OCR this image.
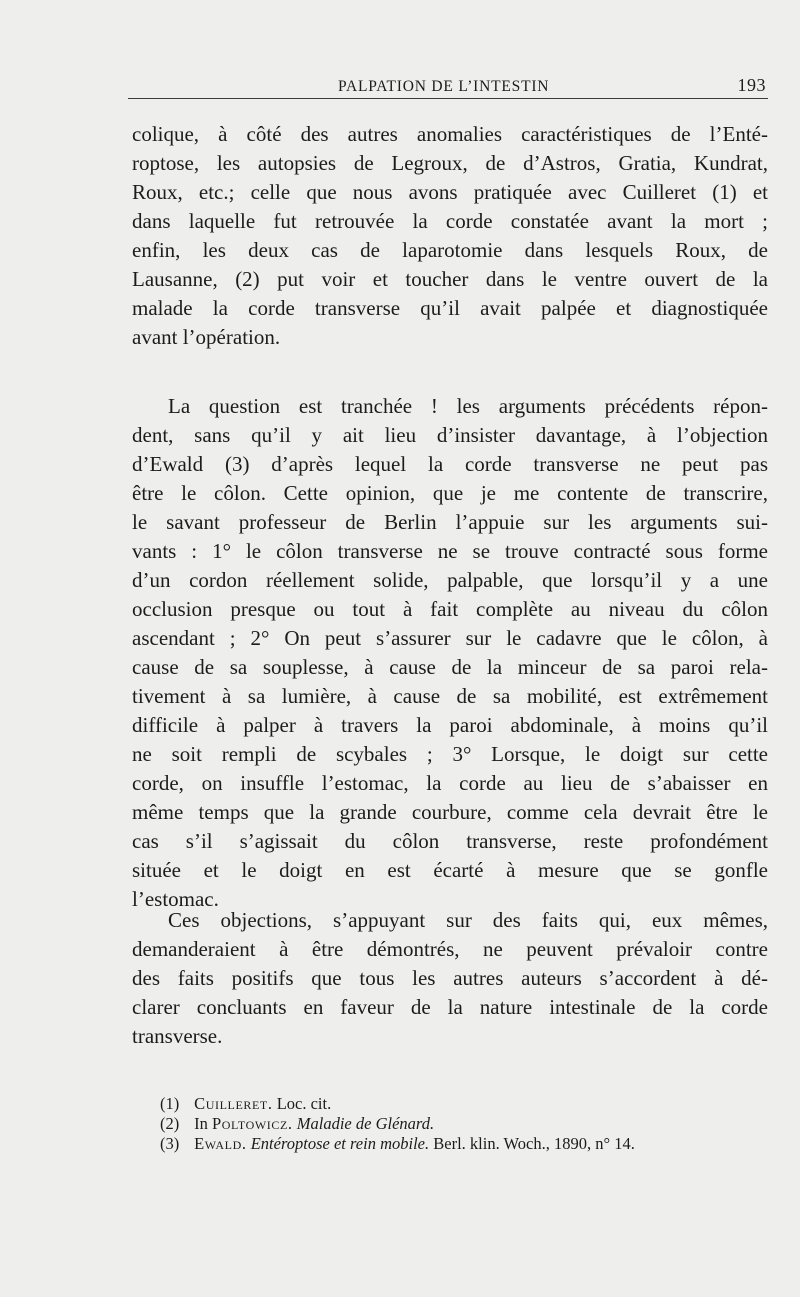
PALPATION DE L’INTESTIN	193
colique, à côté des autres anomalies caractéristiques de l’Enté-
roptose, les autopsies de Legroux, de d’Astros, Gratia, Kundrat,
Roux, etc.; celle que nous avons pratiquée avec Cuilleret (1) et
dans laquelle fut retrouvée la corde constatée avant la mort ;
enfin, les deux cas de laparotomie dans lesquels Roux, de
Lausanne, (2) put voir et toucher dans le ventre ouvert de la
malade la corde transverse qu’il avait palpée et diagnostiquée
avant l’opération.
La question est tranchée ! les arguments précédents répon-
dent, sans qu’il y ait lieu d’insister davantage, à l’objection
d’Ewald (3) d’après lequel la corde transverse ne peut pas
être le côlon. Cette opinion, que je me contente de transcrire,
le savant professeur de Berlin l’appuie sur les arguments sui-
vants : 1° le côlon transverse ne se trouve contracté sous forme
d’un cordon réellement solide, palpable, que lorsqu’il y a une
occlusion presque ou tout à fait complète au niveau du côlon
ascendant ; 2° On peut s’assurer sur le cadavre que le côlon, à
cause de sa souplesse, à cause de la minceur de sa paroi rela-
tivement à sa lumière, à cause de sa mobilité, est extrêmement
difficile à palper à travers la paroi abdominale, à moins qu’il
ne soit rempli de scybales ; 3° Lorsque, le doigt sur cette
corde, on insuffle l’estomac, la corde au lieu de s’abaisser en
même temps que la grande courbure, comme cela devrait être le
cas s’il s’agissait du côlon transverse, reste profondément
située et le doigt en est écarté à mesure que se gonfle
l’estomac.
Ces objections, s’appuyant sur des faits qui, eux mêmes,
demanderaient à être démontrés, ne peuvent prévaloir contre
des faits positifs que tous les autres auteurs s’accordent à dé-
clarer concluants en faveur de la nature intestinale de la corde
transverse.
(1) Cuilleret. Loc. cit.
(2) In Poltowicz. Maladie de Glénard.
(3) Ewald. Entéroptose et rein mobile. Berl. klin. Woch., 1890, n° 14.
